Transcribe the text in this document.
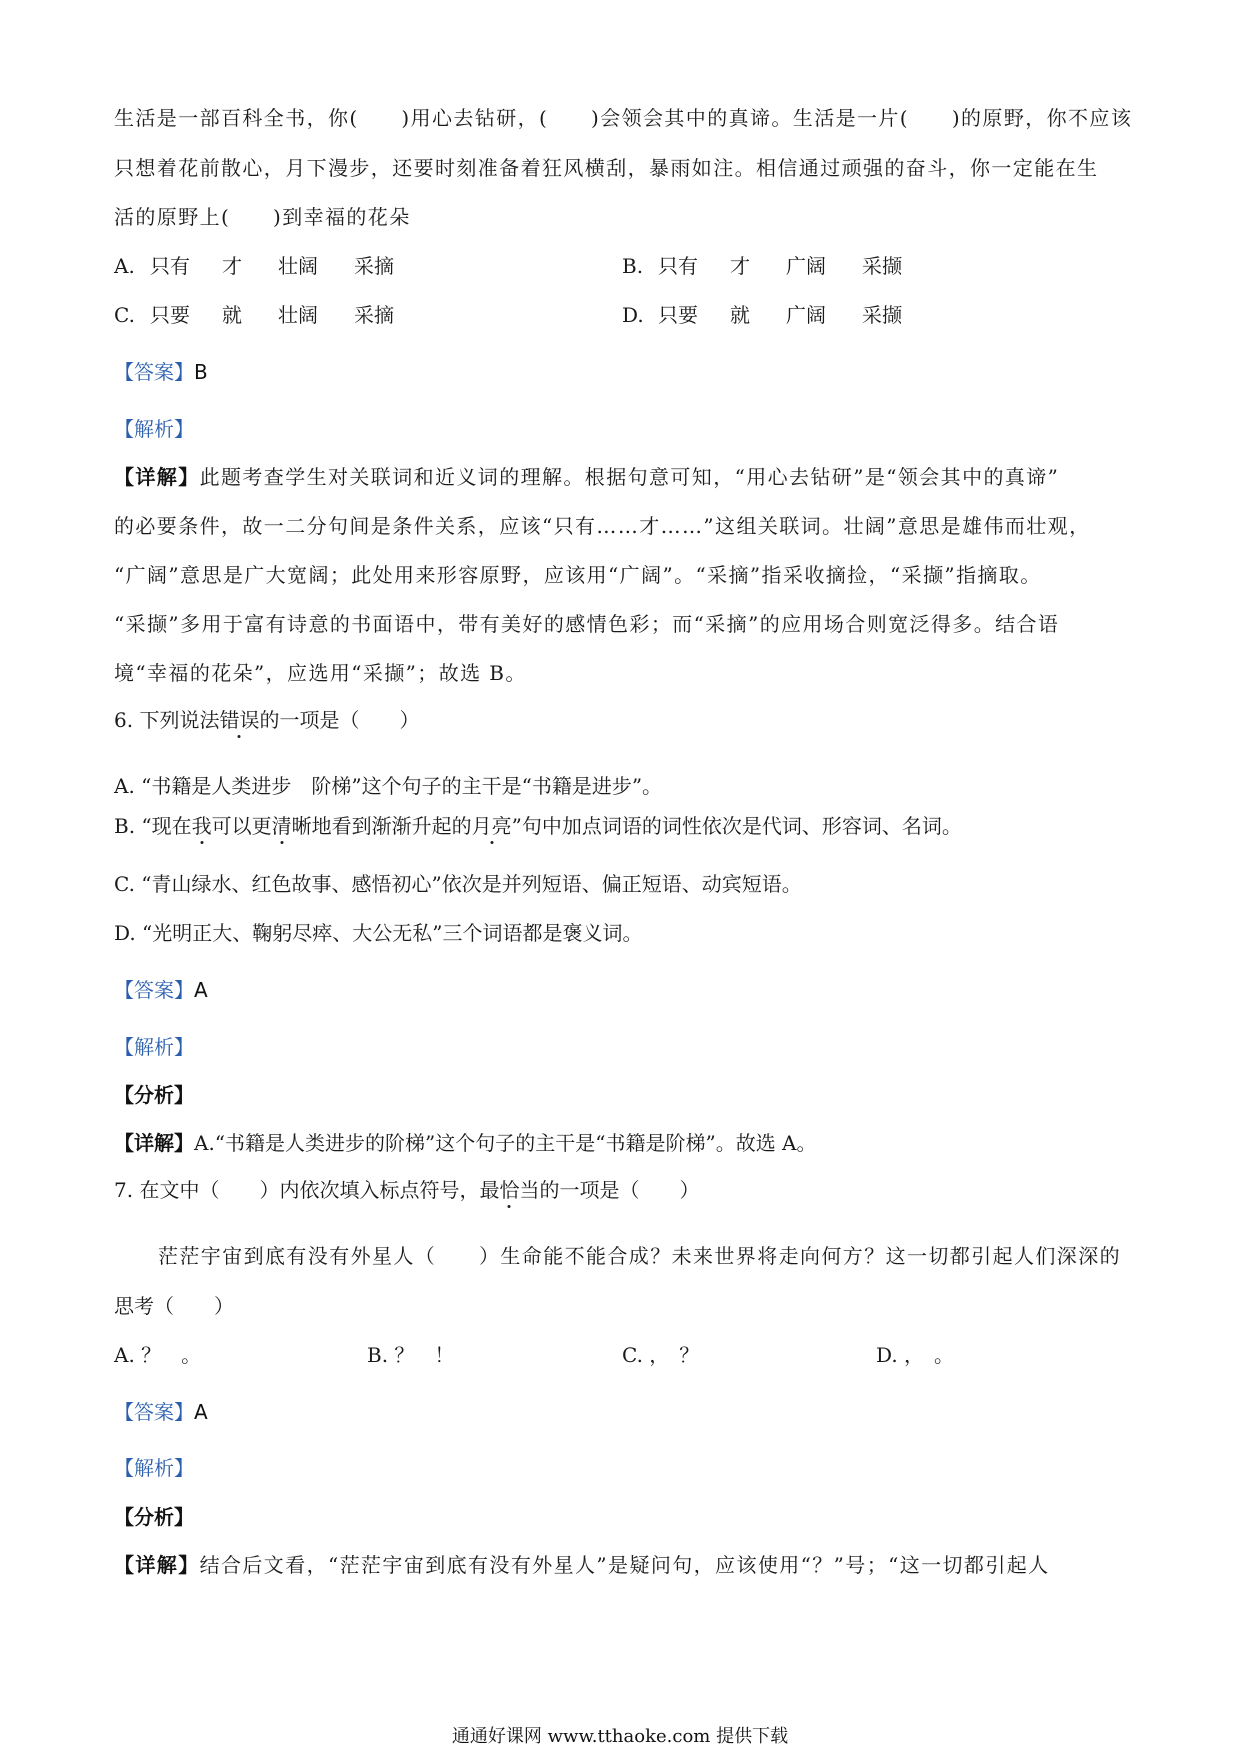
生活是一部百科全书，你(　　)用心去钻研，(　　)会领会其中的真谛。生活是一片(　　)的原野，你不应该
只想着花前散心，月下漫步，还要时刻准备着狂风横刮，暴雨如注。相信通过顽强的奋斗，你一定能在生
活的原野上(　　)到幸福的花朵
A. 只有 才 壮阔 采摘	B. 只有 才 广阔 采撷
C. 只要 就 壮阔 采摘	D. 只要 就 广阔 采撷
【答案】B
【解析】
【详解】此题考查学生对关联词和近义词的理解。根据句意可知，“用心去钻研”是“领会其中的真谛”
的必要条件，故一二分句间是条件关系，应该“只有……才……”这组关联词。壮阔”意思是雄伟而壮观，
“广阔”意思是广大宽阔；此处用来形容原野，应该用“广阔”。“采摘”指采收摘捡，“采撷”指摘取。
“采撷”多用于富有诗意的书面语中，带有美好的感情色彩；而“采摘”的应用场合则宽泛得多。结合语
境“幸福的花朵”，应选用“采撷”；故选 B。
6. 下列说法错误的一项是（　　）
A. “书籍是人类进步　阶梯”这个句子的主干是“书籍是进步”。
B. “现在我可以更清晰地看到渐渐升起的月亮”句中加点词语的词性依次是代词、形容词、名词。
C. “青山绿水、红色故事、感悟初心”依次是并列短语、偏正短语、动宾短语。
D. “光明正大、鞠躬尽瘁、大公无私”三个词语都是褒义词。
【答案】A
【解析】
【分析】
【详解】A.“书籍是人类进步的阶梯”这个句子的主干是“书籍是阶梯”。故选 A。
7. 在文中（　　）内依次填入标点符号，最恰当的一项是（　　）
茫茫宇宙到底有没有外星人（　　）生命能不能合成？未来世界将走向何方？这一切都引起人们深深的
思考（　　）
A. ？　。	B. ？　！	C. ，　？	D. ，　。
【答案】A
【解析】
【分析】
【详解】结合后文看，“茫茫宇宙到底有没有外星人”是疑问句，应该使用“？”号；“这一切都引起人
通通好课网 www.tthaoke.com 提供下载
